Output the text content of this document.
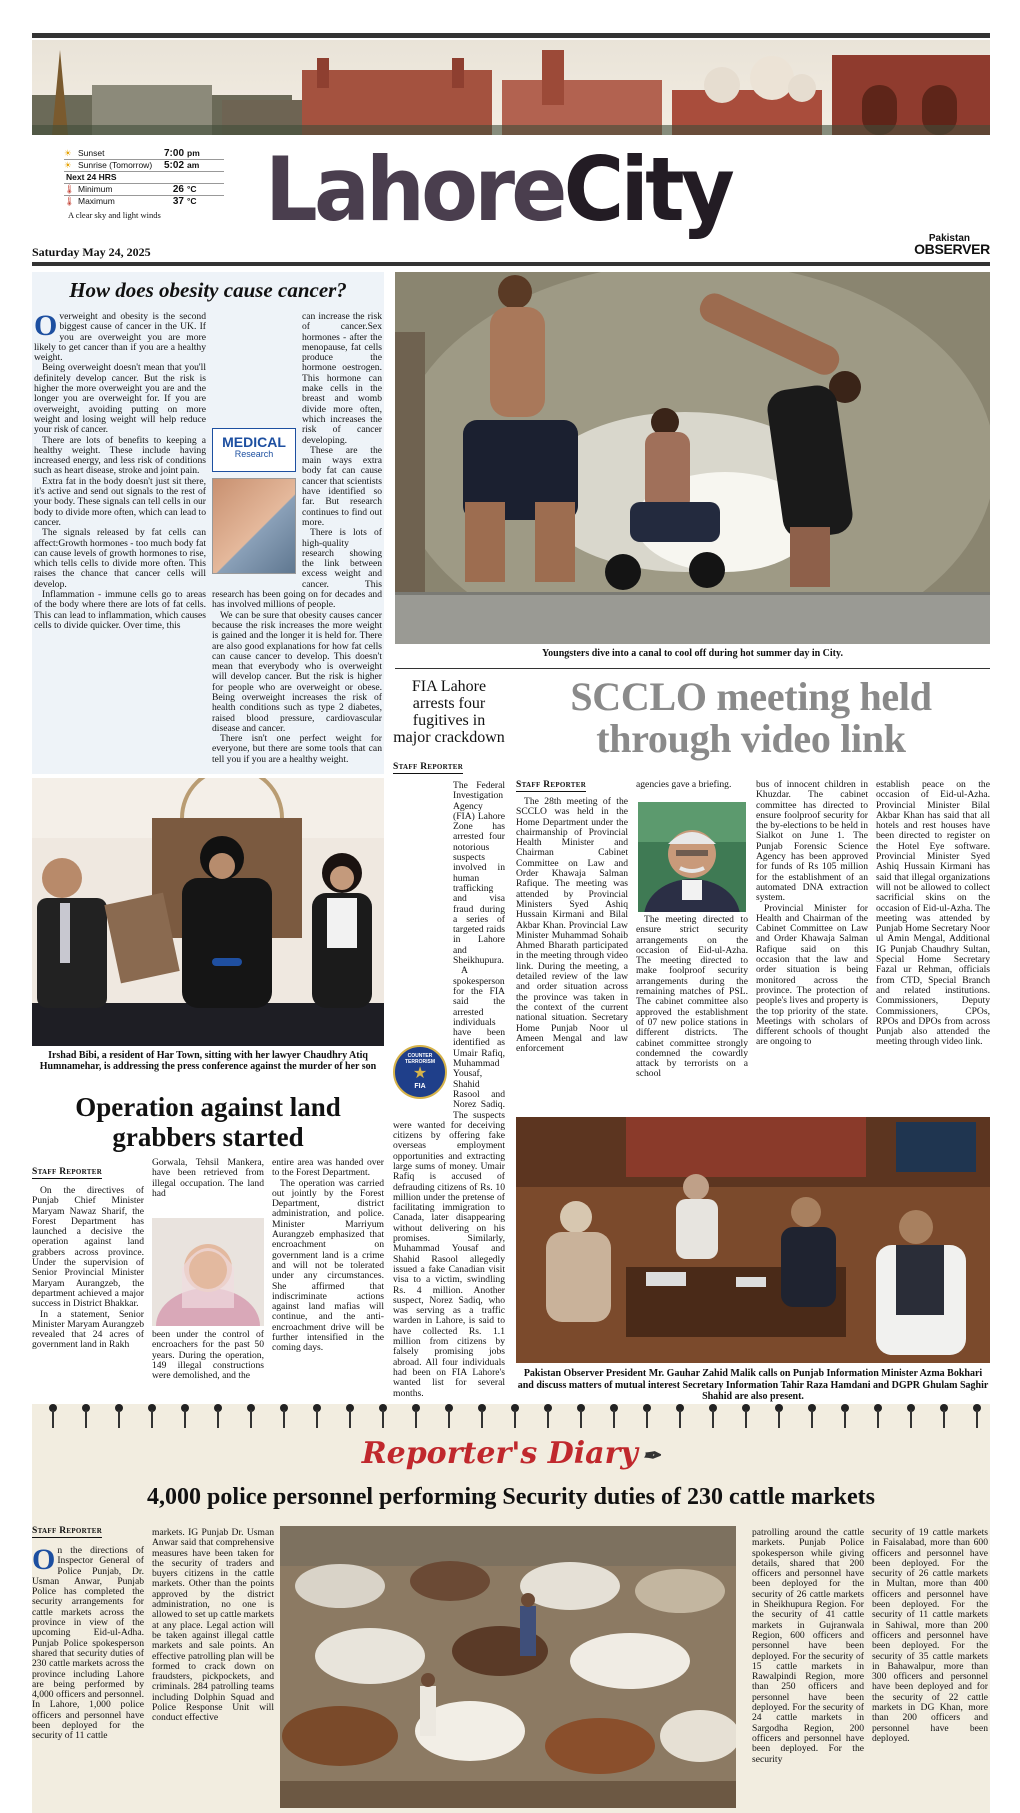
☀ Sunset	7:00 pm
☀ Sunrise (Tomorrow)	5:02 am
Next 24 HRS
🌡 Minimum	26 °C
🌡 Maximum	37 °C
A clear sky and light winds	LahoreCity
Saturday May 24, 2025
Pakistan
OBSERVER
How does obesity cause cancer?

Overweight and obesity is the second biggest cause of cancer in the UK. If you are overweight you are more likely to get cancer than if you are a healthy weight.

Being overweight doesn't mean that you'll definitely develop cancer. But the risk is higher the more overweight you are and the longer you are overweight for. If you are overweight, avoiding putting on more weight and losing weight will help reduce your risk of cancer.

There are lots of benefits to keeping a healthy weight. These include having increased energy, and less risk of conditions such as heart disease, stroke and joint pain.

Extra fat in the body doesn't just sit there, it's active and send out signals to the rest of your body. These signals can tell cells in our body to divide more often, which can lead to cancer.

The signals released by fat cells can affect:Growth hormones - too much body fat can cause levels of growth hormones to rise, which tells cells to divide more often. This raises the chance that cancer cells will develop.

Inflammation - immune cells go to areas of the body where there are lots of fat cells. This can lead to inflammation, which causes cells to divide quicker. Over time, this

MEDICAL
Research

can increase the risk of cancer.Sex hormones - after the menopause, fat cells produce the hormone oestrogen. This hormone can make cells in the breast and womb divide more often, which increases the risk of cancer developing.

These are the main ways extra body fat can cause cancer that scientists have identified so far. But research continues to find out more.

There is lots of high-quality research showing the link between excess weight and cancer. This research has been going on for decades and has involved millions of people.

We can be sure that obesity causes cancer because the risk increases the more weight is gained and the longer it is held for. There are also good explanations for how fat cells can cause cancer to develop. This doesn't mean that everybody who is overweight will develop cancer. But the risk is higher for people who are overweight or obese. Being overweight increases the risk of health conditions such as type 2 diabetes, raised blood pressure, cardiovascular disease and cancer.

There isn't one perfect weight for everyone, but there are some tools that can tell you if you are a healthy weight.

Youngsters dive into a canal to cool off during hot summer day in City.
Irshad Bibi, a resident of Har Town, sitting with her lawyer Chaudhry Atiq Humnamehar, is addressing the press conference against the murder of her son
Operation against land
grabbers started
Staff Reporter

On the directives of Punjab Chief Minister Maryam Nawaz Sharif, the Forest Department has launched a decisive the operation against land grabbers across province. Under the supervision of Senior Provincial Minister Maryam Aurangzeb, the department achieved a major success in District Bhakkar.

In a statement, Senior Minister Maryam Aurangzeb revealed that 24 acres of government land in Rakh

Gorwala, Tehsil Mankera, have been retrieved from illegal occupation. The land had

been under the control of encroachers for the past 50 years. During the operation, 149 illegal constructions were demolished, and the

entire area was handed over to the Forest Department.

The operation was carried out jointly by the Forest Department, district administration, and police. Minister Marriyum Aurangzeb emphasized that encroachment on government land is a crime and will not be tolerated under any circumstances. She affirmed that indiscriminate actions against land mafias will continue, and the anti-encroachment drive will be further intensified in the coming days.

FIA Lahore arrests four fugitives in major crackdown
Staff Reporter
COUNTER TERRORISM
★
FIA

The Federal Investigation Agency (FIA) Lahore Zone has arrested four notorious suspects involved in human trafficking and visa fraud during a series of targeted raids in Lahore and Sheikhupura.

A spokesperson for the FIA said the arrested individuals have been identified as Umair Rafiq, Muhammad Yousaf, Shahid Rasool and Norez Sadiq. The suspects were wanted for deceiving citizens by offering fake overseas employment opportunities and extracting large sums of money. Umair Rafiq is accused of defrauding citizens of Rs. 10 million under the pretense of facilitating immigration to Canada, later disappearing without delivering on his promises. Similarly, Muhammad Yousaf and Shahid Rasool allegedly issued a fake Canadian visit visa to a victim, swindling Rs. 4 million. Another suspect, Norez Sadiq, who was serving as a traffic warden in Lahore, is said to have collected Rs. 1.1 million from citizens by falsely promising jobs abroad. All four individuals had been on FIA Lahore's wanted list for several months.

SCCLO meeting held
through video link
Staff Reporter

The 28th meeting of the SCCLO was held in the Home Department under the chairmanship of Provincial Health Minister and Chairman Cabinet Committee on Law and Order Khawaja Salman Rafique. The meeting was attended by Provincial Ministers Syed Ashiq Hussain Kirmani and Bilal Akbar Khan. Provincial Law Minister Muhammad Sohaib Ahmed Bharath participated in the meeting through video link. During the meeting, a detailed review of the law and order situation across the province was taken in the context of the current national situation. Secretary Home Punjab Noor ul Ameen Mengal and law enforcement

agencies gave a briefing.

The meeting directed to ensure strict security arrangements on the occasion of Eid-ul-Azha. The meeting directed to make foolproof security arrangements during the remaining matches of PSL. The cabinet committee also approved the establishment of 07 new police stations in different districts. The cabinet committee strongly condemned the cowardly attack by terrorists on a school

bus of innocent children in Khuzdar. The cabinet committee has directed to ensure foolproof security for the by-elections to be held in Sialkot on June 1. The Punjab Forensic Science Agency has been approved for funds of Rs 105 million for the establishment of an automated DNA extraction system.

Provincial Minister for Health and Chairman of the Cabinet Committee on Law and Order Khawaja Salman Rafique said on this occasion that the law and order situation is being monitored across the province. The protection of people's lives and property is the top priority of the state. Meetings with scholars of different schools of thought are ongoing to

establish peace on the occasion of Eid-ul-Azha. Provincial Minister Bilal Akbar Khan has said that all hotels and rest houses have been directed to register on the Hotel Eye software. Provincial Minister Syed Ashiq Hussain Kirmani has said that illegal organizations will not be allowed to collect sacrificial skins on the occasion of Eid-ul-Azha. The meeting was attended by Punjab Home Secretary Noor ul Amin Mengal, Additional IG Punjab Chaudhry Sultan, Special Home Secretary Fazal ur Rehman, officials from CTD, Special Branch and related institutions. Commissioners, Deputy Commissioners, CPOs, RPOs and DPOs from across Punjab also attended the meeting through video link.

Pakistan Observer President Mr. Gauhar Zahid Malik calls on Punjab Information Minister Azma Bokhari and discuss matters of mutual interest Secretary Information Tahir Raza Hamdani and DGPR Ghulam Saghir Shahid are also present.
Reporter's Diary ✒
4,000 police personnel performing Security duties of 230 cattle markets
Staff Reporter

On the directions of Inspector General of Police Punjab, Dr. Usman Anwar, Punjab Police has completed the security arrangements for cattle markets across the province in view of the upcoming Eid-ul-Adha. Punjab Police spokesperson shared that security duties of 230 cattle markets across the province including Lahore are being performed by 4,000 officers and personnel. In Lahore, 1,000 police officers and personnel have been deployed for the security of 11 cattle

markets. IG Punjab Dr. Usman Anwar said that comprehensive measures have been taken for the security of traders and buyers citizens in the cattle markets. Other than the points approved by the district administration, no one is allowed to set up cattle markets at any place. Legal action will be taken against illegal cattle markets and sale points. An effective patrolling plan will be formed to crack down on fraudsters, pickpockets, and criminals. 284 patrolling teams including Dolphin Squad and Police Response Unit will conduct effective

patrolling around the cattle markets. Punjab Police spokesperson while giving details, shared that 200 officers and personnel have been deployed for the security of 26 cattle markets in Sheikhupura Region. For the security of 41 cattle markets in Gujranwala Region, 600 officers and personnel have been deployed. For the security of 15 cattle markets in Rawalpindi Region, more than 250 officers and personnel have been deployed. For the security of 24 cattle markets in Sargodha Region, 200 officers and personnel have been deployed. For the security

security of 19 cattle markets in Faisalabad, more than 600 officers and personnel have been deployed. For the security of 26 cattle markets in Multan, more than 400 officers and personnel have been deployed. For the security of 11 cattle markets in Sahiwal, more than 200 officers and personnel have been deployed. For the security of 35 cattle markets in Bahawalpur, more than 300 officers and personnel have been deployed and for the security of 22 cattle markets in DG Khan, more than 200 officers and personnel have been deployed.
